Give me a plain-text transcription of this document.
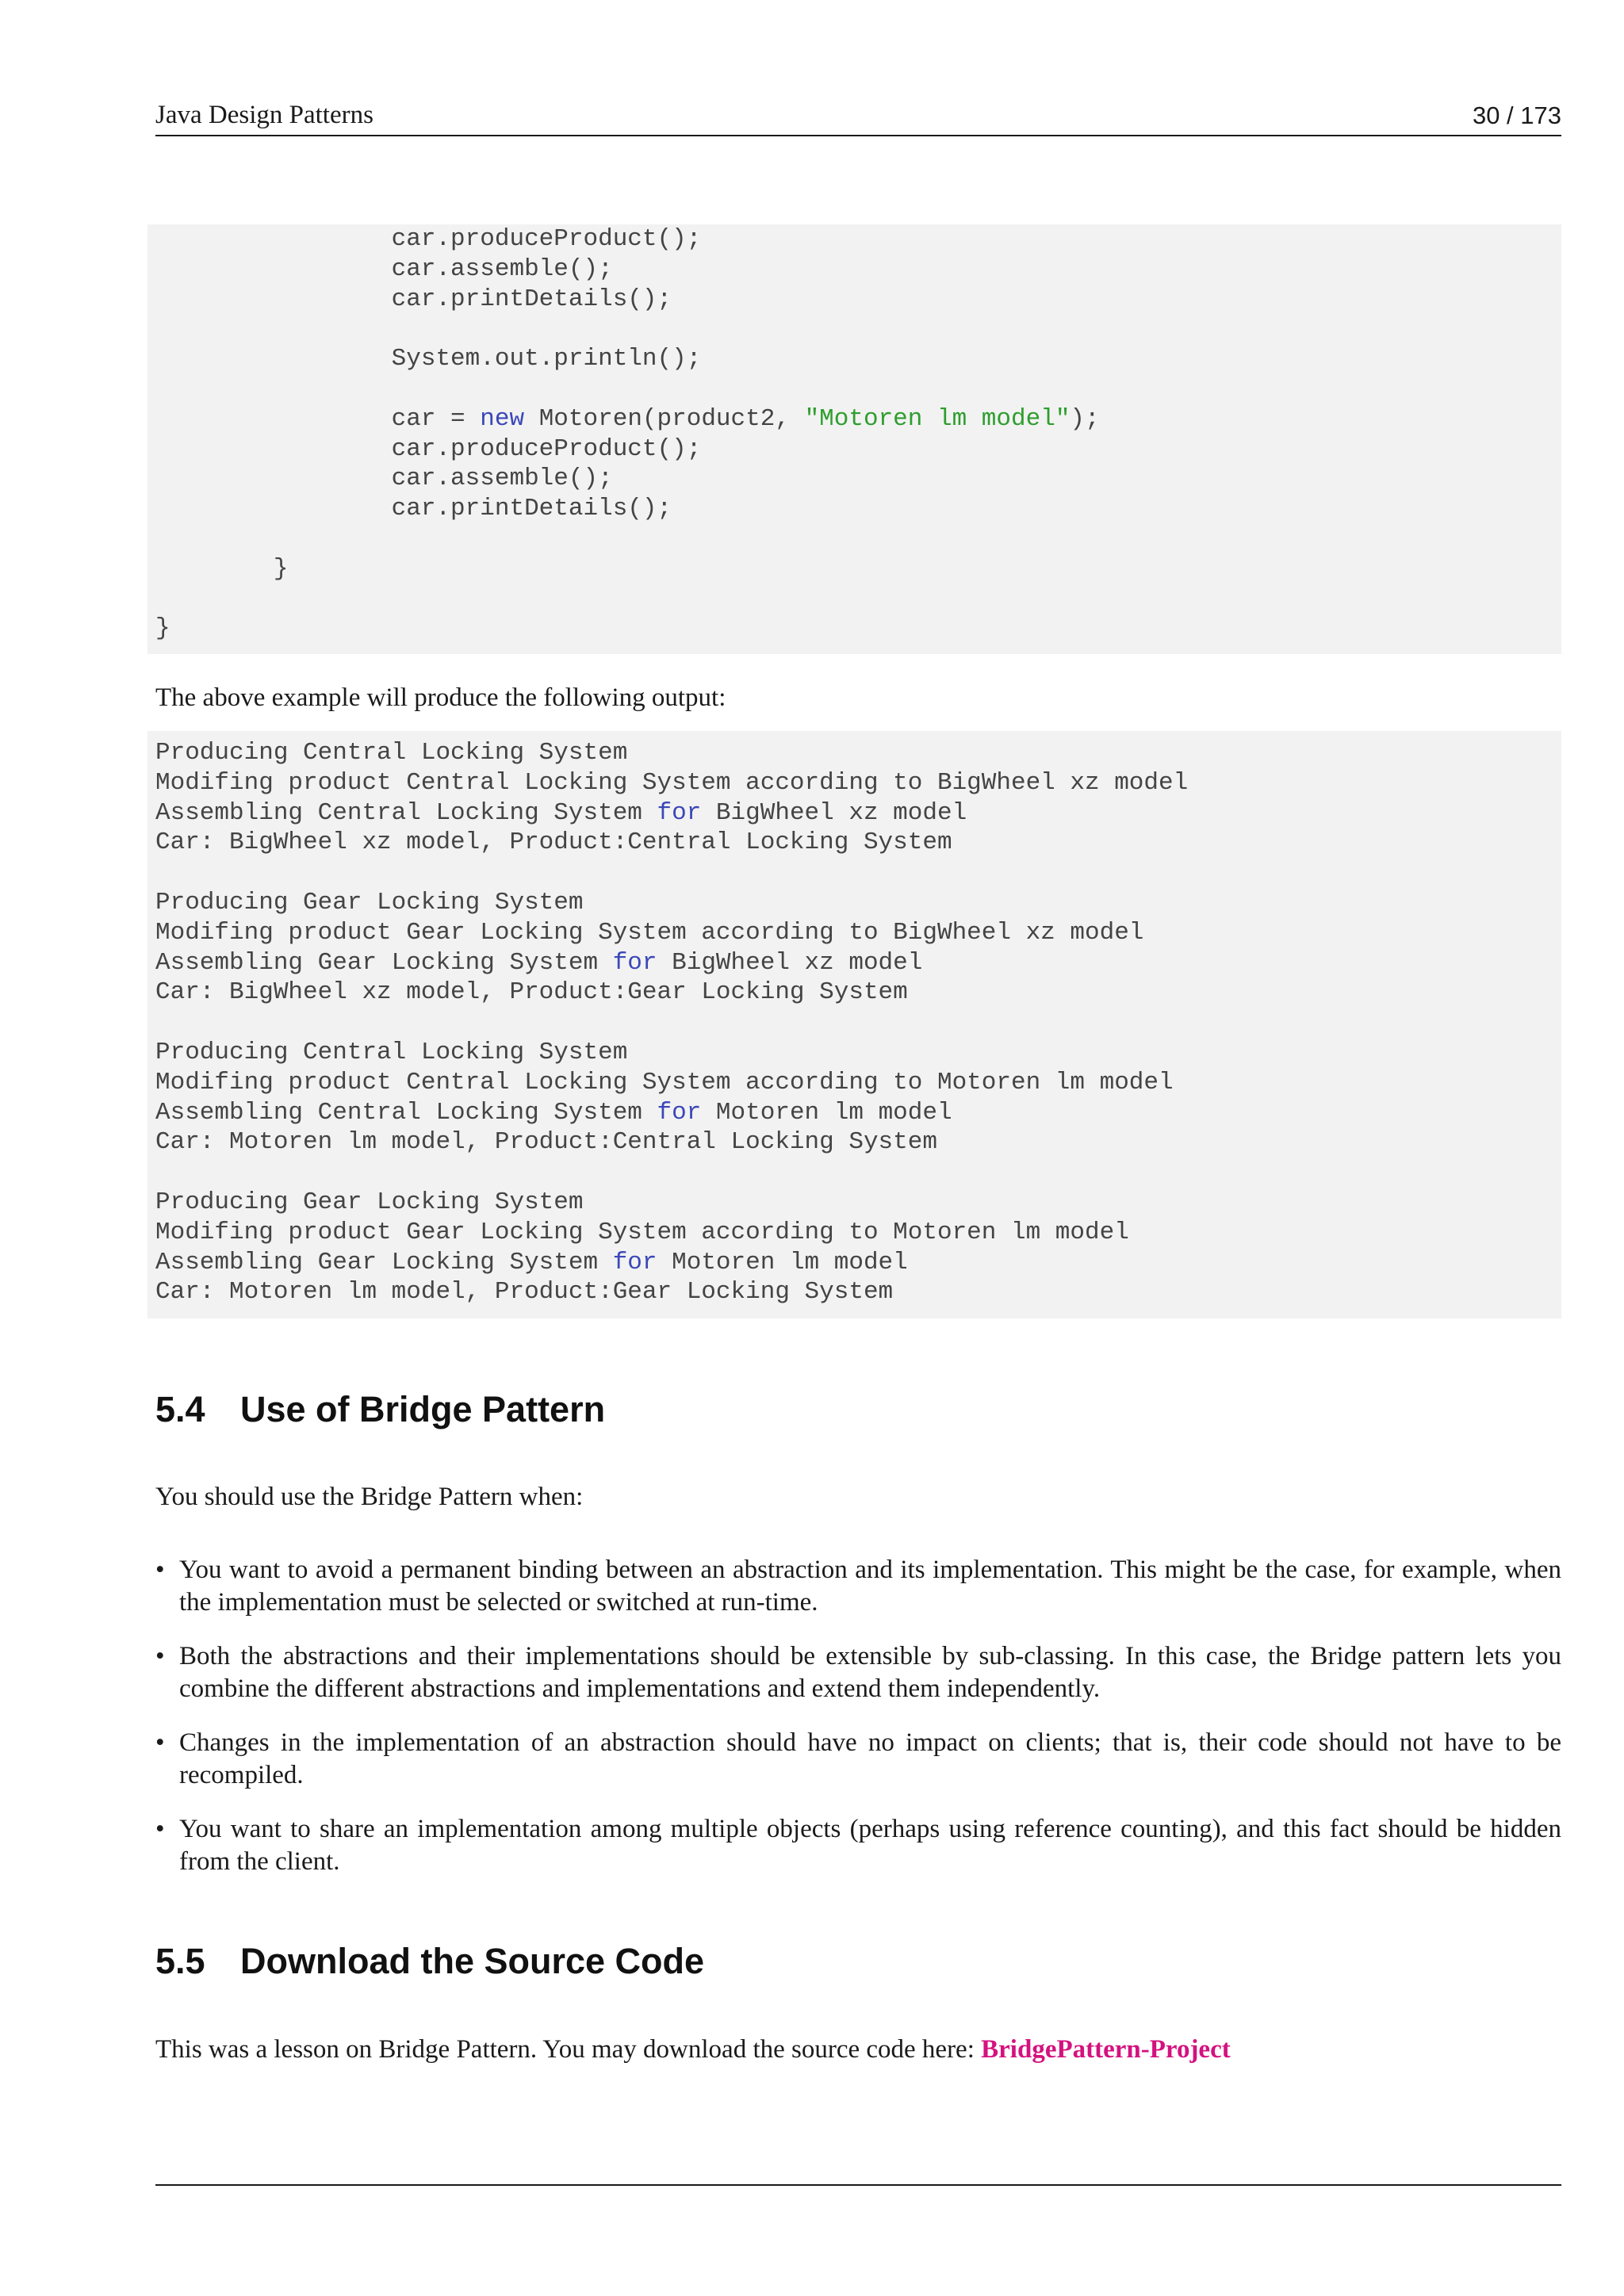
Java Design Patterns	30 / 173
car.produceProduct();
car.assemble();
car.printDetails();

System.out.println();

car = new Motoren(product2, "Motoren lm model");
car.produceProduct();
car.assemble();
car.printDetails();

}

}
The above example will produce the following output:
Producing Central Locking System
Modifing product Central Locking System according to BigWheel xz model
Assembling Central Locking System for BigWheel xz model
Car: BigWheel xz model, Product:Central Locking System

Producing Gear Locking System
Modifing product Gear Locking System according to BigWheel xz model
Assembling Gear Locking System for BigWheel xz model
Car: BigWheel xz model, Product:Gear Locking System

Producing Central Locking System
Modifing product Central Locking System according to Motoren lm model
Assembling Central Locking System for Motoren lm model
Car: Motoren lm model, Product:Central Locking System

Producing Gear Locking System
Modifing product Gear Locking System according to Motoren lm model
Assembling Gear Locking System for Motoren lm model
Car: Motoren lm model, Product:Gear Locking System
5.4 Use of Bridge Pattern
You should use the Bridge Pattern when:
• You want to avoid a permanent binding between an abstraction and its implementation. This might be the case, for example, when the implementation must be selected or switched at run-time.
• Both the abstractions and their implementations should be extensible by sub-classing. In this case, the Bridge pattern lets you combine the different abstractions and implementations and extend them independently.
• Changes in the implementation of an abstraction should have no impact on clients; that is, their code should not have to be recompiled.
• You want to share an implementation among multiple objects (perhaps using reference counting), and this fact should be hidden from the client.
5.5 Download the Source Code
This was a lesson on Bridge Pattern. You may download the source code here: BridgePattern-Project
